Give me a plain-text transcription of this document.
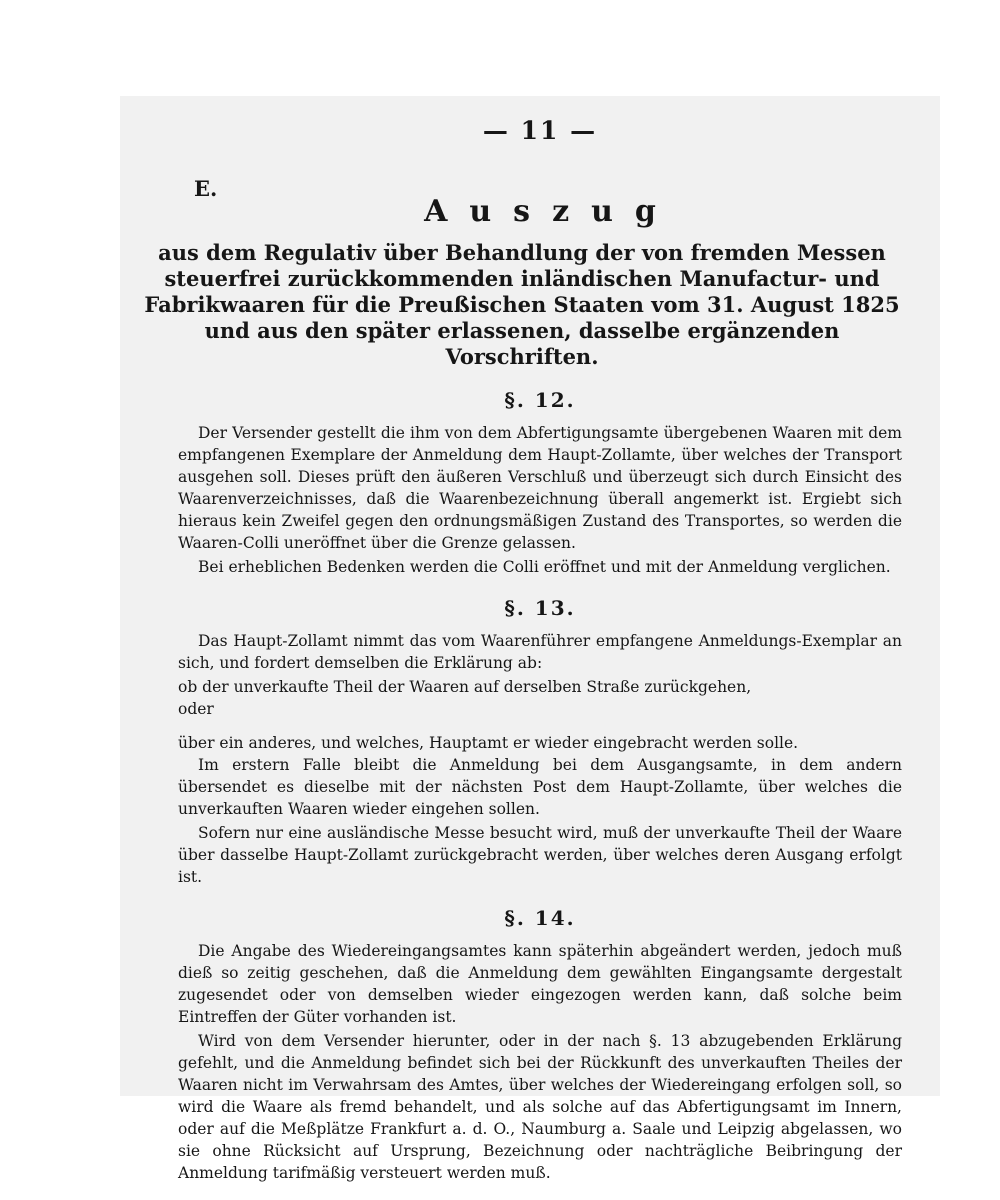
— 11 —
E.
Auszug
aus dem Regulativ über Behandlung der von fremden Messen steuerfrei zurückkommenden inländischen Manufactur- und Fabrikwaaren für die Preußischen Staaten vom 31. August 1825 und aus den später erlassenen, dasselbe ergänzenden Vorschriften.
§. 12.

Der Versender gestellt die ihm von dem Abfertigungsamte übergebenen Waaren mit dem empfangenen Exemplare der Anmeldung dem Haupt-Zollamte, über welches der Transport ausgehen soll. Dieses prüft den äußeren Verschluß und überzeugt sich durch Einsicht des Waarenverzeichnisses, daß die Waarenbezeichnung überall angemerkt ist. Ergiebt sich hieraus kein Zweifel gegen den ordnungsmäßigen Zustand des Transportes, so werden die Waaren-Colli uneröffnet über die Grenze gelassen.

Bei erheblichen Bedenken werden die Colli eröffnet und mit der Anmeldung verglichen.

§. 13.

Das Haupt-Zollamt nimmt das vom Waarenführer empfangene Anmeldungs-Exemplar an sich, und fordert demselben die Erklärung ab:

ob der unverkaufte Theil der Waaren auf derselben Straße zurückgehen,

oder

über ein anderes, und welches, Hauptamt er wieder eingebracht werden solle.

Im erstern Falle bleibt die Anmeldung bei dem Ausgangsamte, in dem andern übersendet es dieselbe mit der nächsten Post dem Haupt-Zollamte, über welches die unverkauften Waaren wieder eingehen sollen.

Sofern nur eine ausländische Messe besucht wird, muß der unverkaufte Theil der Waare über dasselbe Haupt-Zollamt zurückgebracht werden, über welches deren Ausgang erfolgt ist.

§. 14.

Die Angabe des Wiedereingangsamtes kann späterhin abgeändert werden, jedoch muß dieß so zeitig geschehen, daß die Anmeldung dem gewählten Eingangsamte dergestalt zugesendet oder von demselben wieder eingezogen werden kann, daß solche beim Eintreffen der Güter vorhanden ist.

Wird von dem Versender hierunter, oder in der nach §. 13 abzugebenden Erklärung gefehlt, und die Anmeldung befindet sich bei der Rückkunft des unverkauften Theiles der Waaren nicht im Verwahrsam des Amtes, über welches der Wiedereingang erfolgen soll, so wird die Waare als fremd behandelt, und als solche auf das Abfertigungsamt im Innern, oder auf die Meßplätze Frankfurt a. d. O., Naumburg a. Saale und Leipzig abgelassen, wo sie ohne Rücksicht auf Ursprung, Bezeichnung oder nachträgliche Beibringung der Anmeldung tarifmäßig versteuert werden muß.
